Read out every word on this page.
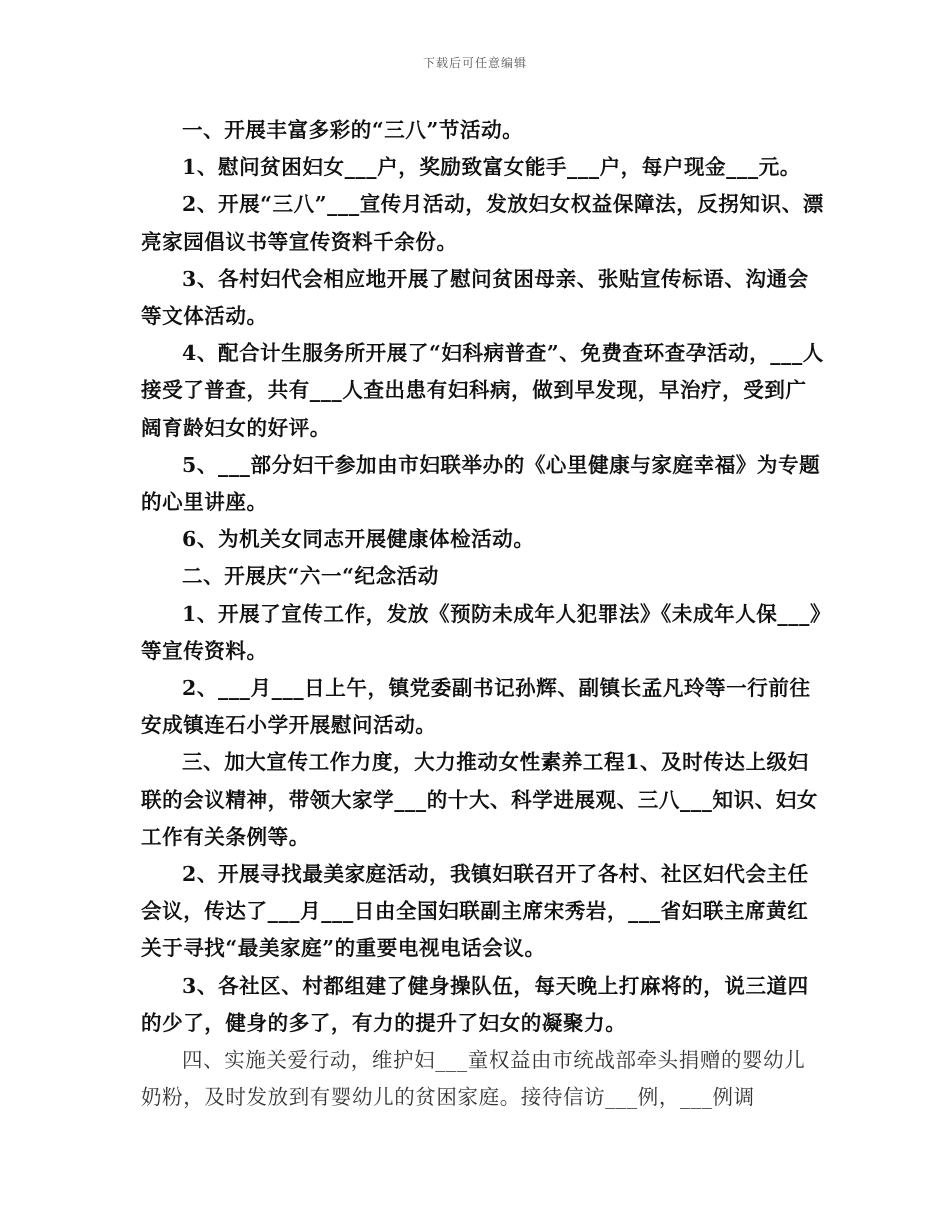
下载后可任意编辑

一、开展丰富多彩的“三八”节活动。

1、慰问贫困妇女___户，奖励致富女能手___户，每户现金___元。

2、开展“三八”___宣传月活动，发放妇女权益保障法，反拐知识、漂亮家园倡议书等宣传资料千余份。

3、各村妇代会相应地开展了慰问贫困母亲、张贴宣传标语、沟通会等文体活动。

4、配合计生服务所开展了“妇科病普查”、免费查环查孕活动，___人接受了普查，共有___人查出患有妇科病，做到早发现，早治疗，受到广阔育龄妇女的好评。

5、___部分妇干参加由市妇联举办的《心里健康与家庭幸福》为专题的心里讲座。

6、为机关女同志开展健康体检活动。

二、开展庆“六一“纪念活动

1、开展了宣传工作，发放《预防未成年人犯罪法》《未成年人保___》等宣传资料。

2、___月___日上午，镇党委副书记孙辉、副镇长孟凡玲等一行前往安成镇连石小学开展慰问活动。

三、加大宣传工作力度，大力推动女性素养工程1、及时传达上级妇联的会议精神，带领大家学___的十大、科学进展观、三八___知识、妇女工作有关条例等。

2、开展寻找最美家庭活动，我镇妇联召开了各村、社区妇代会主任会议，传达了___月___日由全国妇联副主席宋秀岩，___省妇联主席黄红关于寻找“最美家庭”的重要电视电话会议。

3、各社区、村都组建了健身操队伍，每天晚上打麻将的，说三道四的少了，健身的多了，有力的提升了妇女的凝聚力。

四、实施关爱行动，维护妇___童权益由市统战部牵头捐赠的婴幼儿奶粉，及时发放到有婴幼儿的贫困家庭。接待信访___例，___例调
